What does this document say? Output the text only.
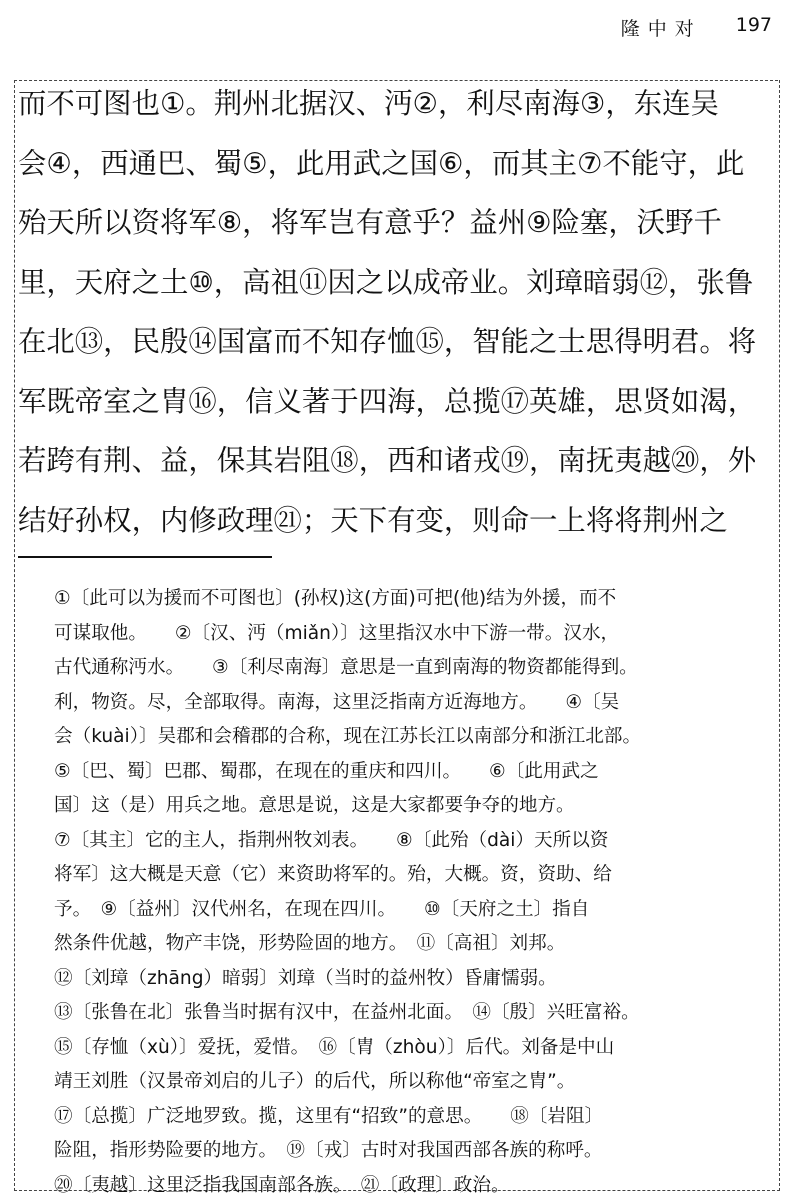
隆中对 197
而不可图也①。荆州北据汉、沔②，利尽南海③，东连吴
会④，西通巴、蜀⑤，此用武之国⑥，而其主⑦不能守，此
殆天所以资将军⑧，将军岂有意乎？益州⑨险塞，沃野千
里，天府之土⑩，高祖⑪因之以成帝业。刘璋暗弱⑫，张鲁
在北⑬，民殷⑭国富而不知存恤⑮，智能之士思得明君。将
军既帝室之胄⑯，信义著于四海，总揽⑰英雄，思贤如渴，
若跨有荆、益，保其岩阻⑱，西和诸戎⑲，南抚夷越⑳，外
结好孙权，内修政理㉑；天下有变，则命一上将将荆州之
①〔此可以为援而不可图也〕(孙权)这(方面)可把(他)结为外援，而不
可谋取他。　　②〔汉、沔（miǎn）〕这里指汉水中下游一带。汉水，
古代通称沔水。　　③〔利尽南海〕意思是一直到南海的物资都能得到。
利，物资。尽，全部取得。南海，这里泛指南方近海地方。　　④〔吴
会（kuài）〕吴郡和会稽郡的合称，现在江苏长江以南部分和浙江北部。
⑤〔巴、蜀〕巴郡、蜀郡，在现在的重庆和四川。　　⑥〔此用武之
国〕这（是）用兵之地。意思是说，这是大家都要争夺的地方。
⑦〔其主〕它的主人，指荆州牧刘表。　　⑧〔此殆（dài）天所以资
将军〕这大概是天意（它）来资助将军的。殆，大概。资，资助、给
予。　⑨〔益州〕汉代州名，在现在四川。　　⑩〔天府之土〕指自
然条件优越，物产丰饶，形势险固的地方。　⑪〔高祖〕刘邦。
⑫〔刘璋（zhāng）暗弱〕刘璋（当时的益州牧）昏庸懦弱。
⑬〔张鲁在北〕张鲁当时据有汉中，在益州北面。　⑭〔殷〕兴旺富裕。
⑮〔存恤（xù）〕爱抚，爱惜。　⑯〔胄（zhòu）〕后代。刘备是中山
靖王刘胜（汉景帝刘启的儿子）的后代，所以称他“帝室之胄”。
⑰〔总揽〕广泛地罗致。揽，这里有“招致”的意思。　　⑱〔岩阻〕
险阻，指形势险要的地方。　⑲〔戎〕古时对我国西部各族的称呼。
⑳〔夷越〕这里泛指我国南部各族。　㉑〔政理〕政治。
